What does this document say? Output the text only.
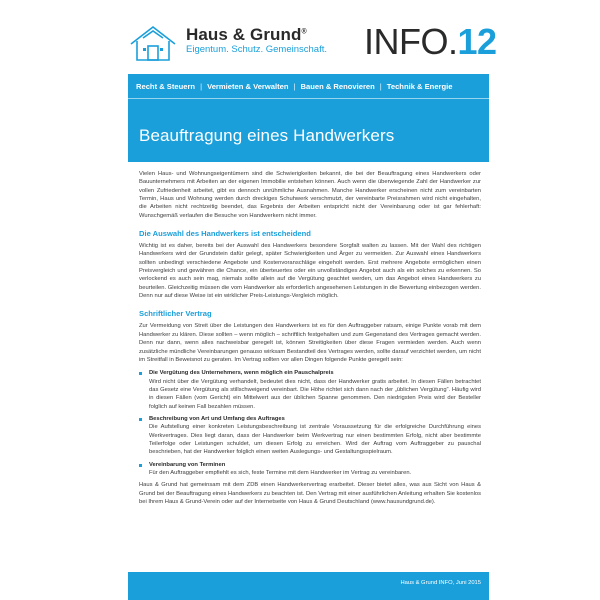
Haus & Grund®
Eigentum. Schutz. Gemeinschaft. INFO.12
Recht & Steuern | Vermieten & Verwalten | Bauen & Renovieren | Technik & Energie
Beauftragung eines Handwerkers

Vielen Haus- und Wohnungseigentümern sind die Schwierigkeiten bekannt, die bei der Beauftragung eines Handwerkers oder Bauunternehmers mit Arbeiten an der eigenen Immobilie entstehen können. Auch wenn die überwiegende Zahl der Handwerker zur vollen Zufriedenheit arbeitet, gibt es dennoch unrühmliche Ausnahmen. Manche Handwerker erscheinen nicht zum vereinbarten Termin, Haus und Wohnung werden durch dreckiges Schuhwerk verschmutzt, der vereinbarte Preisrahmen wird nicht eingehalten, die Arbeiten nicht rechtzeitig beendet, das Ergebnis der Arbeiten entspricht nicht der Vereinbarung oder ist gar fehlerhaft: Wunschgemäß verlaufen die Besuche von Handwerkern nicht immer.

Die Auswahl des Handwerkers ist entscheidend

Wichtig ist es daher, bereits bei der Auswahl des Handwerkers besondere Sorgfalt walten zu lassen. Mit der Wahl des richtigen Handwerkers wird der Grundstein dafür gelegt, später Schwierigkeiten und Ärger zu vermeiden. Zur Auswahl eines Handwerkers sollten unbedingt verschiedene Angebote und Kostenvoranschläge eingeholt werden. Erst mehrere Angebote ermöglichen einen Preisvergleich und gewähren die Chance, ein überteuertes oder ein unvollständiges Angebot auch als ein solches zu erkennen. So verlockend es auch sein mag, niemals sollte allein auf die Vergütung geachtet werden, um das Angebot eines Handwerkers zu beurteilen. Gleichzeitig müssen die vom Handwerker als erforderlich angesehenen Leistungen in die Bewertung einbezogen werden. Denn nur auf diese Weise ist ein wirklicher Preis-Leistungs-Vergleich möglich.

Schriftlicher Vertrag

Zur Vermeidung von Streit über die Leistungen des Handwerkers ist es für den Auftraggeber ratsam, einige Punkte vorab mit dem Handwerker zu klären. Diese sollten – wenn möglich – schriftlich festgehalten und zum Gegenstand des Vertrages gemacht werden. Denn nur dann, wenn alles nachweisbar geregelt ist, können Streitigkeiten über diese Fragen vermieden werden. Auch wenn zusätzliche mündliche Vereinbarungen genauso wirksam Bestandteil des Vertrages werden, sollte darauf verzichtet werden, um nicht im Streitfall in Beweisnot zu geraten. Im Vertrag sollten vor allen Dingen folgende Punkte geregelt sein:

Die Vergütung des Unternehmers, wenn möglich ein Pauschalpreis
Wird nicht über die Vergütung verhandelt, bedeutet dies nicht, dass der Handwerker gratis arbeitet. In diesen Fällen betrachtet das Gesetz eine Vergütung als stillschweigend vereinbart. Die Höhe richtet sich dann nach der „üblichen Vergütung“. Häufig wird in diesen Fällen (vom Gericht) ein Mittelwert aus der üblichen Spanne genommen. Den niedrigsten Preis wird der Besteller folglich auf keinen Fall bezahlen müssen.
Beschreibung von Art und Umfang des Auftrages
Die Aufstellung einer konkreten Leistungsbeschreibung ist zentrale Voraussetzung für die erfolgreiche Durchführung eines Werkvertrages. Dies liegt daran, dass der Handwerker beim Werkvertrag nur einen bestimmten Erfolg, nicht aber bestimmte Teilerfolge oder Leistungen schuldet, um diesen Erfolg zu erreichen. Wird der Auftrag vom Auftraggeber zu pauschal beschrieben, hat der Handwerker folglich einen weiten Auslegungs- und Gestaltungsspielraum.
Vereinbarung von Terminen
Für den Auftraggeber empfiehlt es sich, feste Termine mit dem Handwerker im Vertrag zu vereinbaren.

Haus & Grund hat gemeinsam mit dem ZDB einen Handwerkervertrag erarbeitet. Dieser bietet alles, was aus Sicht von Haus & Grund bei der Beauftragung eines Handwerkers zu beachten ist. Den Vertrag mit einer ausführlichen Anleitung erhalten Sie kostenlos bei Ihrem Haus & Grund-Verein oder auf der Internetseite von Haus & Grund Deutschland (www.hausundgrund.de).

Haus & Grund INFO, Juni 2015
